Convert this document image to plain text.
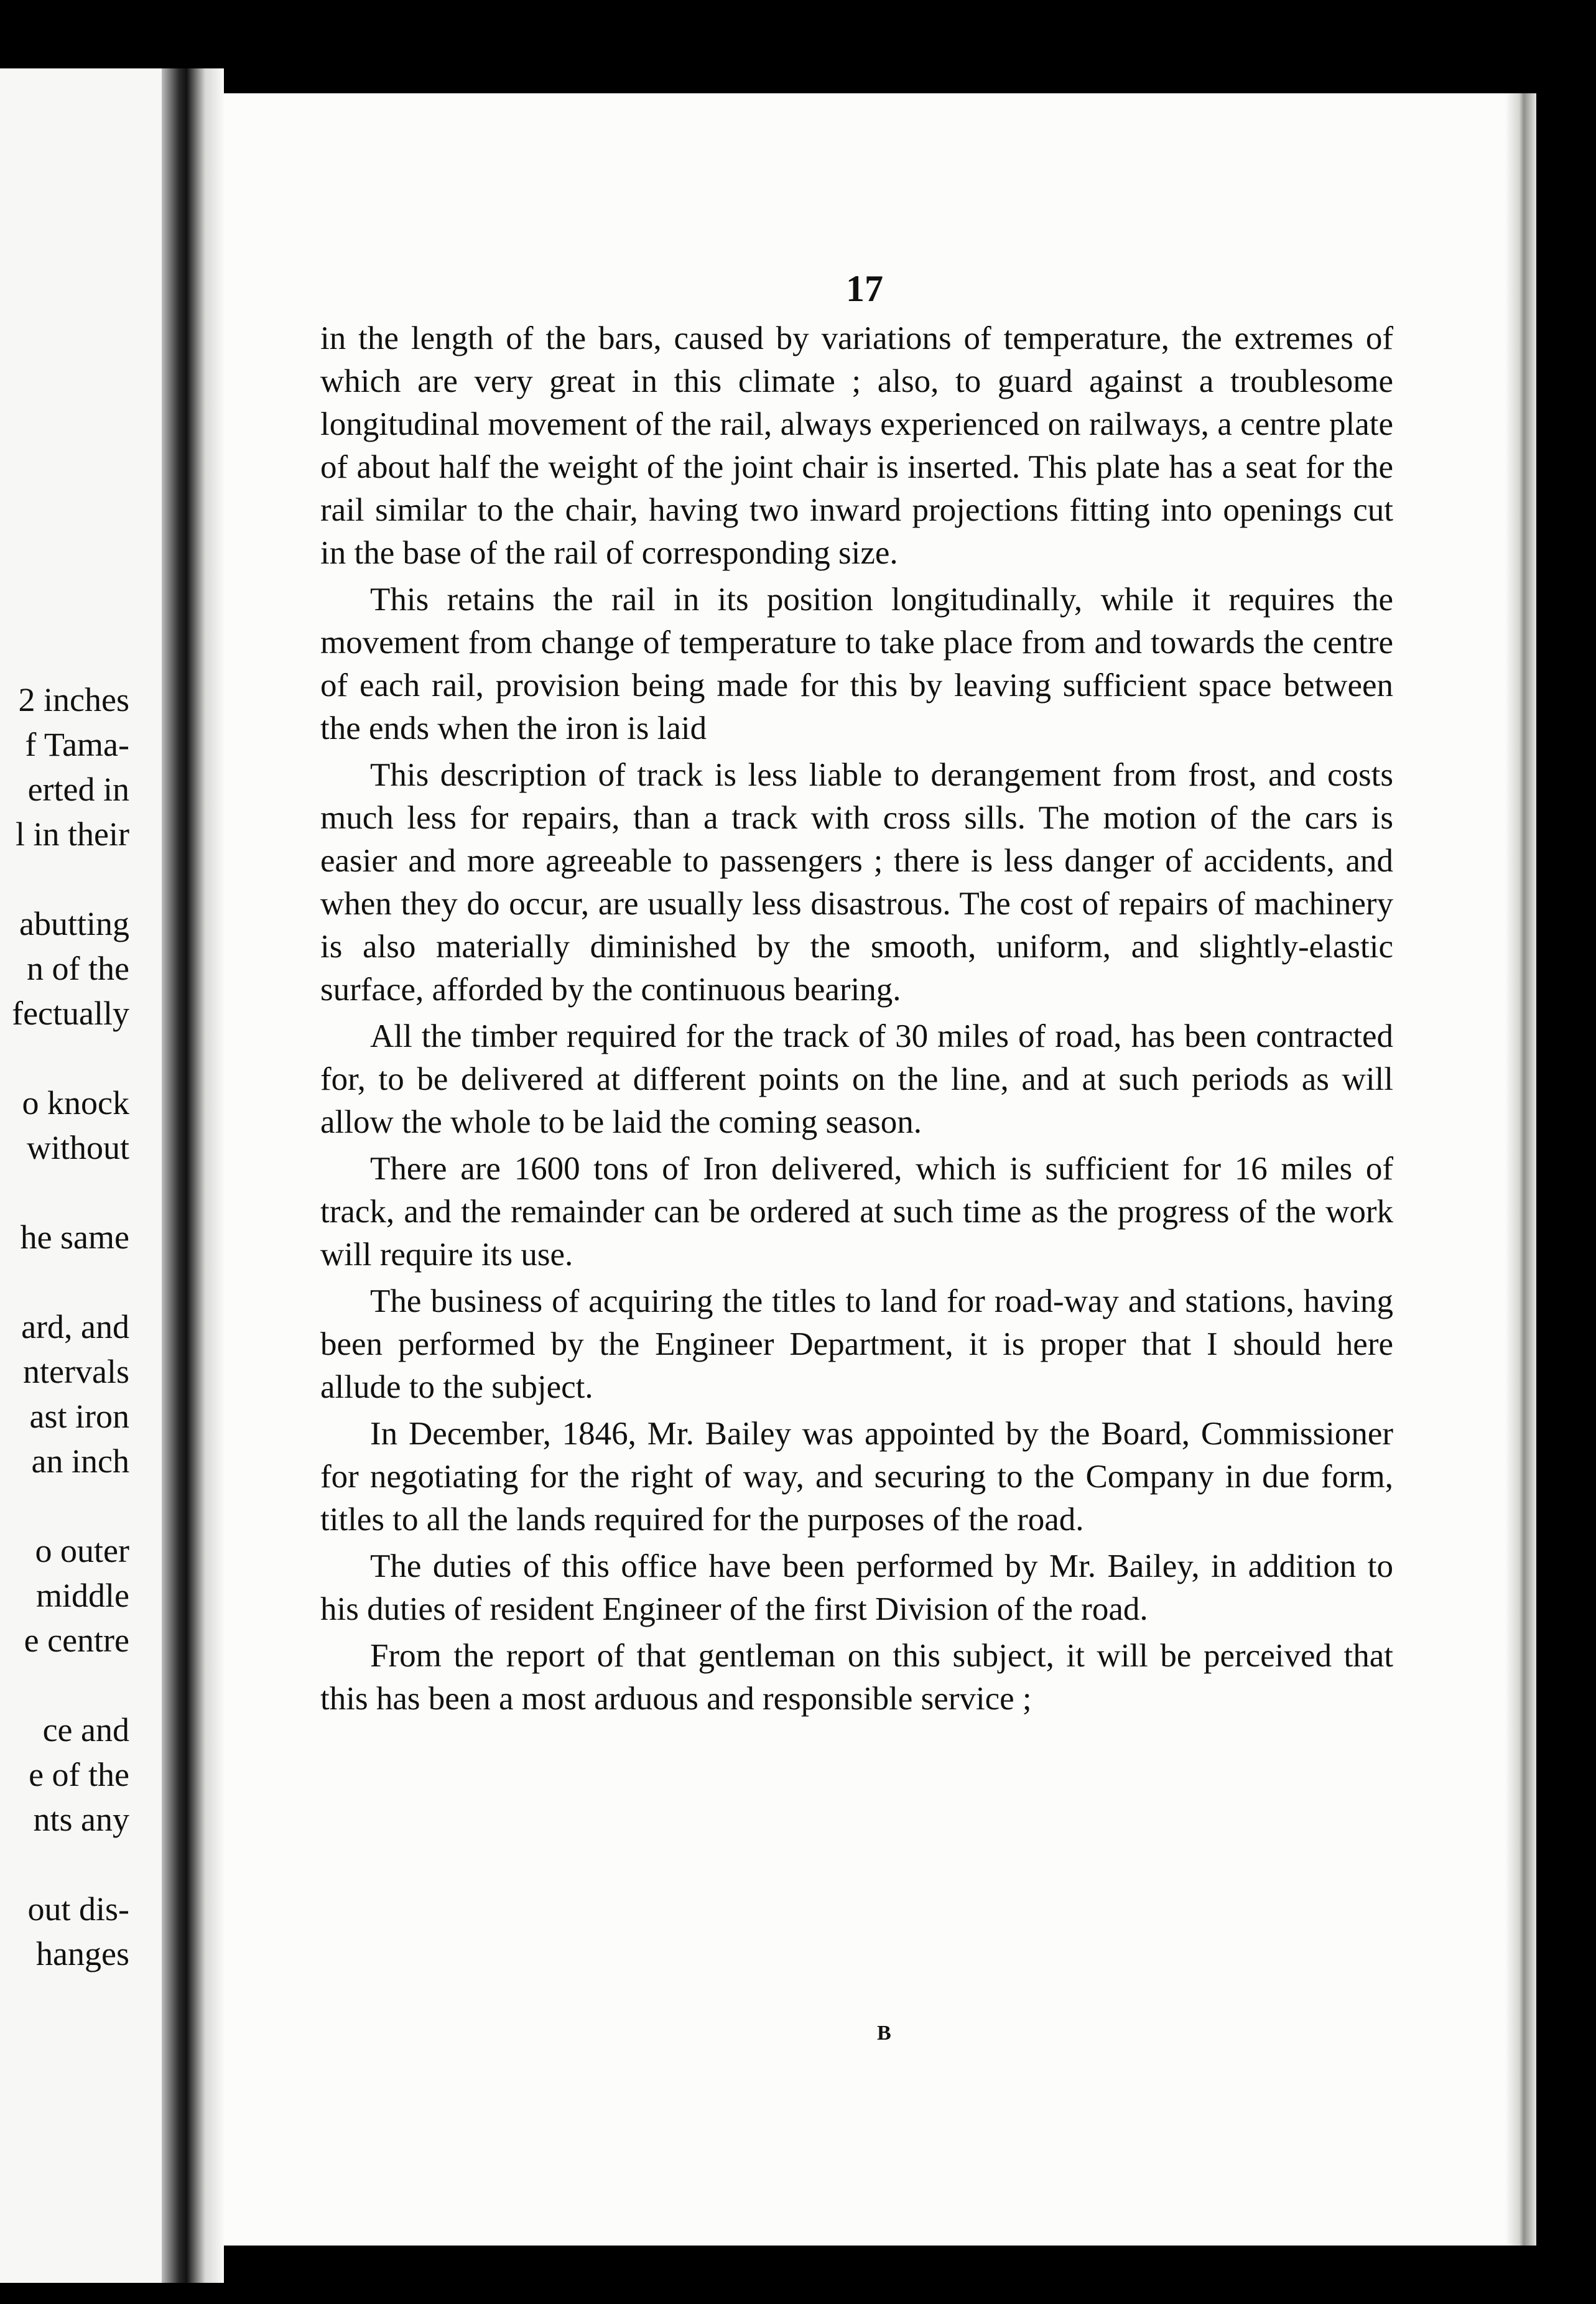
2 inches
f Tama-
erted in
l in their
abutting
n of the
fectually
o knock
without
he same
ard, and
ntervals
ast iron
an inch
o outer
middle
e centre
ce and
e of the
nts any
out dis-
hanges
17

in the length of the bars, caused by variations of temperature, the extremes of which are very great in this climate ; also, to guard against a troublesome longitudinal movement of the rail, always experienced on railways, a centre plate of about half the weight of the joint chair is inserted. This plate has a seat for the rail similar to the chair, having two inward projections fitting into openings cut in the base of the rail of corresponding size.

This retains the rail in its position longitudinally, while it requires the movement from change of temperature to take place from and towards the centre of each rail, provision being made for this by leaving sufficient space between the ends when the iron is laid

This description of track is less liable to derangement from frost, and costs much less for repairs, than a track with cross sills. The motion of the cars is easier and more agreeable to passengers ; there is less danger of accidents, and when they do occur, are usually less disastrous. The cost of repairs of machinery is also materially diminished by the smooth, uniform, and slightly-elastic surface, afforded by the continuous bearing.

All the timber required for the track of 30 miles of road, has been contracted for, to be delivered at different points on the line, and at such periods as will allow the whole to be laid the coming season.

There are 1600 tons of Iron delivered, which is sufficient for 16 miles of track, and the remainder can be ordered at such time as the progress of the work will require its use.

The business of acquiring the titles to land for road-way and stations, having been performed by the Engineer Department, it is proper that I should here allude to the subject.

In December, 1846, Mr. Bailey was appointed by the Board, Commissioner for negotiating for the right of way, and securing to the Company in due form, titles to all the lands required for the purposes of the road.

The duties of this office have been performed by Mr. Bailey, in addition to his duties of resident Engineer of the first Division of the road.

From the report of that gentleman on this subject, it will be perceived that this has been a most arduous and responsible service ;

B
